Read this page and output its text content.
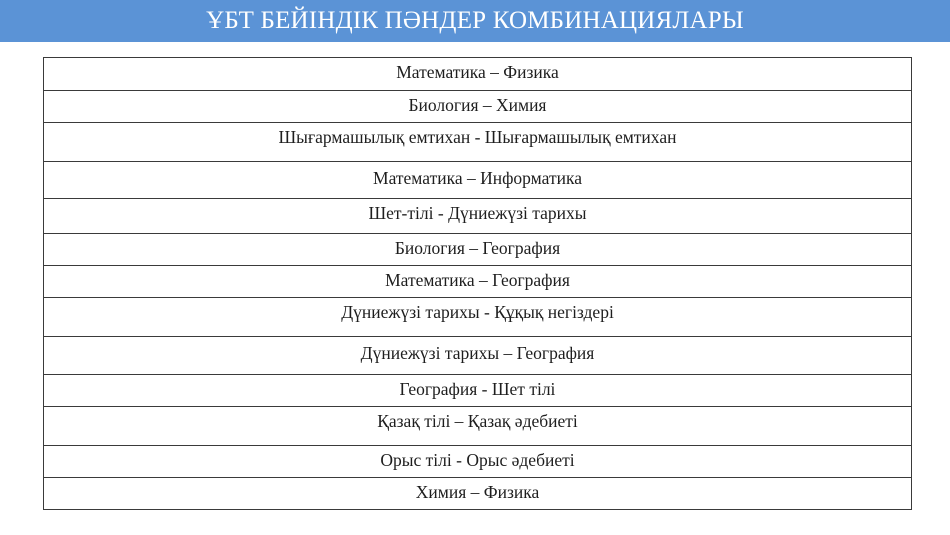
ҰБТ БЕЙІНДІК ПӘНДЕР КОМБИНАЦИЯЛАРЫ
Математика – Физика
Биология – Химия
Шығармашылық емтихан - Шығармашылық емтихан
Математика – Информатика
Шет-тілі - Дүниежүзі тарихы
Биология – География
Математика – География
Дүниежүзі тарихы - Құқық негіздері
Дүниежүзі тарихы – География
География - Шет тілі
Қазақ тілі – Қазақ әдебиеті
Орыс тілі - Орыс әдебиеті
Химия – Физика
